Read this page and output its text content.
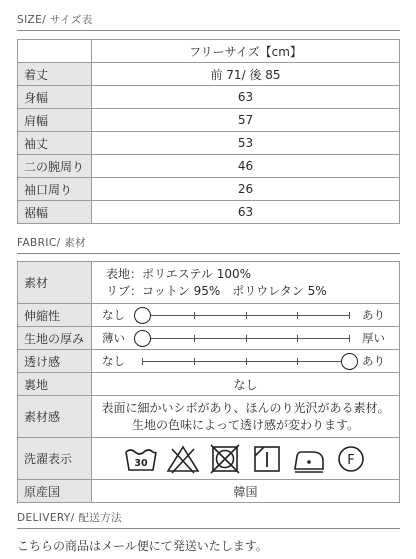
SIZE/ サイズ表
	フリーサイズ【cm】
着丈	前 71/ 後 85
身幅	63
肩幅	57
袖丈	53
二の腕周り	46
袖口周り	26
裾幅	63
FABRIC/ 素材
素材	表地：ポリエステル 100%
リブ：コットン 95%　ポリウレタン 5%

伸縮性	なし あり

生地の厚み	薄い 厚い

透け感	なし あり

裏地	なし
素材感	表面に細かいシボがあり、ほんのり光沢がある素材。
生地の色味によって透け感が変わります。

洗濯表示	30 F

原産国	韓国
DELIVERY/ 配送方法
こちらの商品はメール便にて発送いたします。
